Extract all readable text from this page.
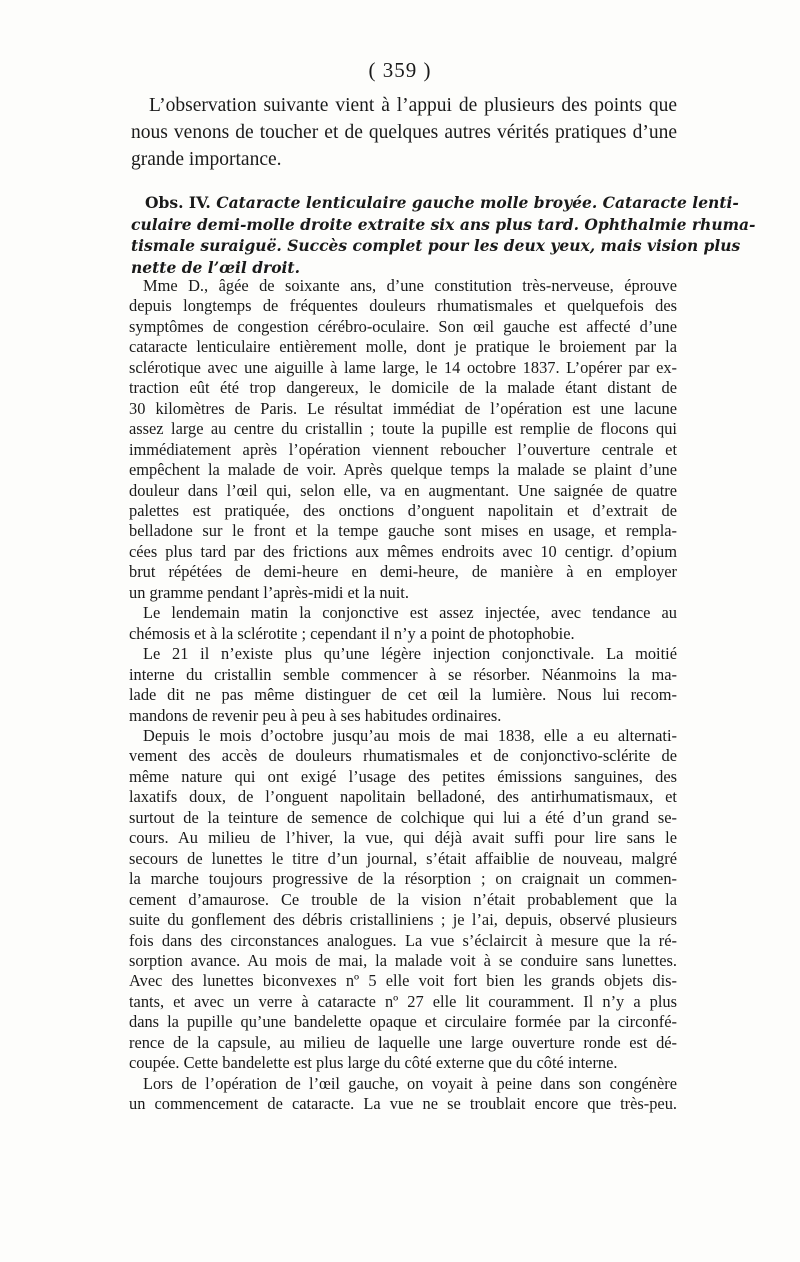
( 359 )
L’observation suivante vient à l’appui de plusieurs des points que
nous venons de toucher et de quelques autres vérités pratiques d’une
grande importance.
Obs. IV. Cataracte lenticulaire gauche molle broyée. Cataracte lenti-
culaire demi-molle droite extraite six ans plus tard. Ophthalmie rhuma-
tismale suraiguë. Succès complet pour les deux yeux, mais vision plus
nette de l’œil droit.
Mme D., âgée de soixante ans, d’une constitution très-nerveuse, éprouve
depuis longtemps de fréquentes douleurs rhumatismales et quelquefois des
symptômes de congestion cérébro-oculaire. Son œil gauche est affecté d’une
cataracte lenticulaire entièrement molle, dont je pratique le broiement par la
sclérotique avec une aiguille à lame large, le 14 octobre 1837. L’opérer par ex-
traction eût été trop dangereux, le domicile de la malade étant distant de
30 kilomètres de Paris. Le résultat immédiat de l’opération est une lacune
assez large au centre du cristallin ; toute la pupille est remplie de flocons qui
immédiatement après l’opération viennent reboucher l’ouverture centrale et
empêchent la malade de voir. Après quelque temps la malade se plaint d’une
douleur dans l’œil qui, selon elle, va en augmentant. Une saignée de quatre
palettes est pratiquée, des onctions d’onguent napolitain et d’extrait de
belladone sur le front et la tempe gauche sont mises en usage, et rempla-
cées plus tard par des frictions aux mêmes endroits avec 10 centigr. d’opium
brut répétées de demi-heure en demi-heure, de manière à en employer
un gramme pendant l’après-midi et la nuit.
Le lendemain matin la conjonctive est assez injectée, avec tendance au
chémosis et à la sclérotite ; cependant il n’y a point de photophobie.
Le 21 il n’existe plus qu’une légère injection conjonctivale. La moitié
interne du cristallin semble commencer à se résorber. Néanmoins la ma-
lade dit ne pas même distinguer de cet œil la lumière. Nous lui recom-
mandons de revenir peu à peu à ses habitudes ordinaires.
Depuis le mois d’octobre jusqu’au mois de mai 1838, elle a eu alternati-
vement des accès de douleurs rhumatismales et de conjonctivo-sclérite de
même nature qui ont exigé l’usage des petites émissions sanguines, des
laxatifs doux, de l’onguent napolitain belladoné, des antirhumatismaux, et
surtout de la teinture de semence de colchique qui lui a été d’un grand se-
cours. Au milieu de l’hiver, la vue, qui déjà avait suffi pour lire sans le
secours de lunettes le titre d’un journal, s’était affaiblie de nouveau, malgré
la marche toujours progressive de la résorption ; on craignait un commen-
cement d’amaurose. Ce trouble de la vision n’était probablement que la
suite du gonflement des débris cristalliniens ; je l’ai, depuis, observé plusieurs
fois dans des circonstances analogues. La vue s’éclaircit à mesure que la ré-
sorption avance. Au mois de mai, la malade voit à se conduire sans lunettes.
Avec des lunettes biconvexes nº 5 elle voit fort bien les grands objets dis-
tants, et avec un verre à cataracte nº 27 elle lit couramment. Il n’y a plus
dans la pupille qu’une bandelette opaque et circulaire formée par la circonfé-
rence de la capsule, au milieu de laquelle une large ouverture ronde est dé-
coupée. Cette bandelette est plus large du côté externe que du côté interne.
Lors de l’opération de l’œil gauche, on voyait à peine dans son congénère
un commencement de cataracte. La vue ne se troublait encore que très-peu.
